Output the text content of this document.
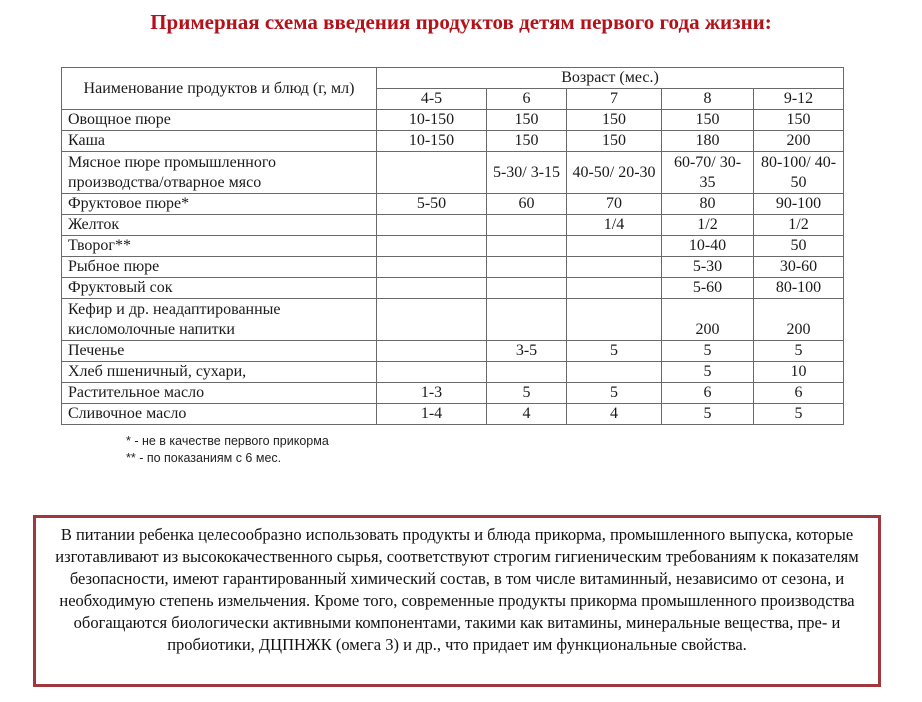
Примерная схема введения продуктов детям первого года жизни:
Наименование продуктов и блюд (г, мл)	Возраст (мес.)				
	4-5	6	7	8	9-12
Овощное пюре	10-150	150	150	150	150
Каша	10-150	150	150	180	200
Мясное пюре промышленного производства/отварное мясо		5-30/ 3-15	40-50/ 20-30	60-70/ 30-35	80-100/ 40-50
Фруктовое пюре*	5-50	60	70	80	90-100
Желток			1/4	1/2	1/2
Творог**				10-40	50
Рыбное пюре				5-30	30-60
Фруктовый сок				5-60	80-100
Кефир и др. неадаптированные кисломолочные напитки				200	200
Печенье		3-5	5	5	5
Хлеб пшеничный, сухари,				5	10
Растительное масло	1-3	5	5	6	6
Сливочное масло	1-4	4	4	5	5
* - не в качестве первого прикорма
** - по показаниям с 6 мес.
В питании ребенка целесообразно использовать продукты и блюда прикорма, промышленного выпуска, которые изготавливают из высококачественного сырья, соответствуют строгим гигиеническим требованиям к показателям безопасности, имеют гарантированный химический состав, в том числе витаминный, независимо от сезона, и необходимую степень измельчения. Кроме того, современные продукты прикорма промышленного производства обогащаются биологически активными компонентами, такими как витамины, минеральные вещества, пре- и пробиотики, ДЦПНЖК (омега 3) и др., что придает им функциональные свойства.
